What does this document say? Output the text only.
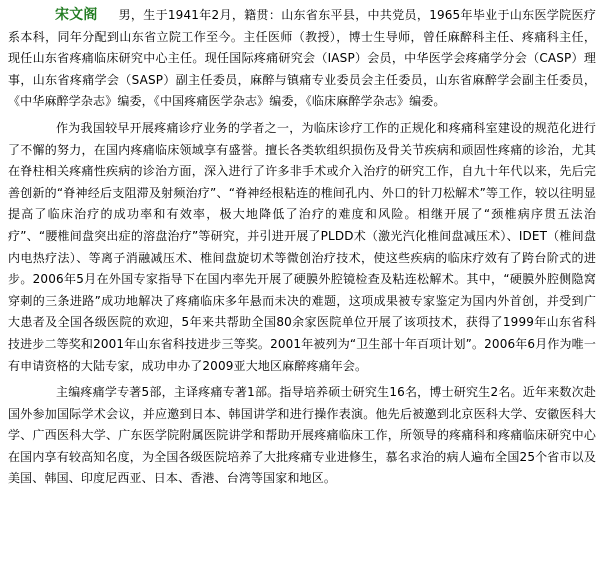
宋文阁 男，生于1941年2月，籍贯：山东省东平县，中共党员，1965年毕业于山东医学院医疗系本科，同年分配到山东省立院工作至今。主任医师（教授），博士生导师，曾任麻醉科主任、疼痛科主任，现任山东省疼痛临床研究中心主任。现任国际疼痛研究会（IASP）会员，中华医学会疼痛学分会（CASP）理事，山东省疼痛学会（SASP）副主任委员，麻醉与镇痛专业委员会主任委员，山东省麻醉学会副主任委员，《中华麻醉学杂志》编委，《中国疼痛医学杂志》编委，《临床麻醉学杂志》编委。

作为我国较早开展疼痛诊疗业务的学者之一，为临床诊疗工作的正规化和疼痛科室建设的规范化进行了不懈的努力，在国内疼痛临床领域享有盛誉。擅长各类软组织损伤及骨关节疾病和顽固性疼痛的诊治，尤其在脊柱相关疼痛性疾病的诊治方面，深入进行了许多非手术或介入治疗的研究工作，自九十年代以来，先后完善创新的“脊神经后支阻滞及射频治疗”、“脊神经根粘连的椎间孔内、外口的针刀松解术”等工作，较以往明显提高了临床治疗的成功率和有效率，极大地降低了治疗的难度和风险。相继开展了“颈椎病序贯五法治疗”、“腰椎间盘突出症的溶盘治疗”等研究，并引进开展了PLDD术（激光汽化椎间盘减压术）、IDET（椎间盘内电热疗法）、等离子消融减压术、椎间盘旋切术等微创治疗技术，使这些疾病的临床疗效有了跨台阶式的进步。2006年5月在外国专家指导下在国内率先开展了硬膜外腔镜检查及粘连松解术。其中，“硬膜外腔侧隐窝穿刺的三条进路”成功地解决了疼痛临床多年悬而未决的难题，这项成果被专家鉴定为国内外首创，并受到广大患者及全国各级医院的欢迎，5年来共帮助全国80余家医院单位开展了该项技术，获得了1999年山东省科技进步二等奖和2001年山东省科技进步三等奖。2001年被列为“卫生部十年百项计划”。2006年6月作为唯一有申请资格的大陆专家，成功申办了2009亚大地区麻醉疼痛年会。

主编疼痛学专著5部，主译疼痛专著1部。指导培养硕士研究生16名，博士研究生2名。近年来数次赴国外参加国际学术会议，并应邀到日本、韩国讲学和进行操作表演。他先后被邀到北京医科大学、安徽医科大学、广西医科大学、广东医学院附属医院讲学和帮助开展疼痛临床工作，所领导的疼痛科和疼痛临床研究中心在国内享有较高知名度，为全国各级医院培养了大批疼痛专业进修生，慕名求治的病人遍布全国25个省市以及美国、韩国、印度尼西亚、日本、香港、台湾等国家和地区。
